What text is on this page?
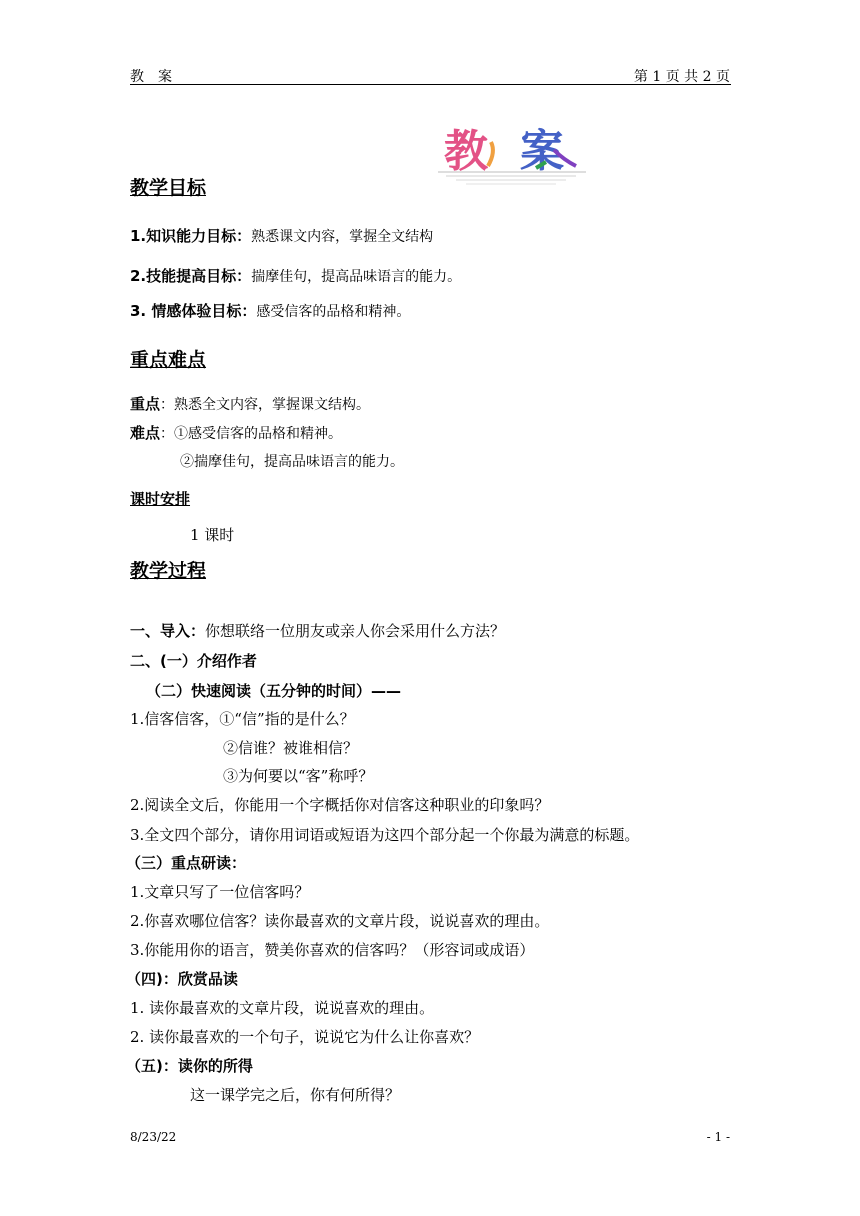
教　案	第 1 页 共 2 页
教 案
教学目标
1.知识能力目标：熟悉课文内容，掌握全文结构
2.技能提高目标：揣摩佳句，提高品味语言的能力。
3. 情感体验目标：感受信客的品格和精神。
重点难点
重点：熟悉全文内容，掌握课文结构。
难点：①感受信客的品格和精神。
②揣摩佳句，提高品味语言的能力。
课时安排
1 课时
教学过程
一、导入：你想联络一位朋友或亲人你会采用什么方法？
二、(一）介绍作者
（二）快速阅读（五分钟的时间）——
1.信客信客，①“信”指的是什么？
②信谁？被谁相信？
③为何要以“客”称呼？
2.阅读全文后，你能用一个字概括你对信客这种职业的印象吗？
3.全文四个部分，请你用词语或短语为这四个部分起一个你最为满意的标题。
（三）重点研读：
1.文章只写了一位信客吗？
2.你喜欢哪位信客？读你最喜欢的文章片段，说说喜欢的理由。
3.你能用你的语言，赞美你喜欢的信客吗？（形容词或成语）
（四)：欣赏品读
1. 读你最喜欢的文章片段，说说喜欢的理由。
2. 读你最喜欢的一个句子，说说它为什么让你喜欢？
（五)：读你的所得
这一课学完之后，你有何所得？
8/23/22	- 1 -
